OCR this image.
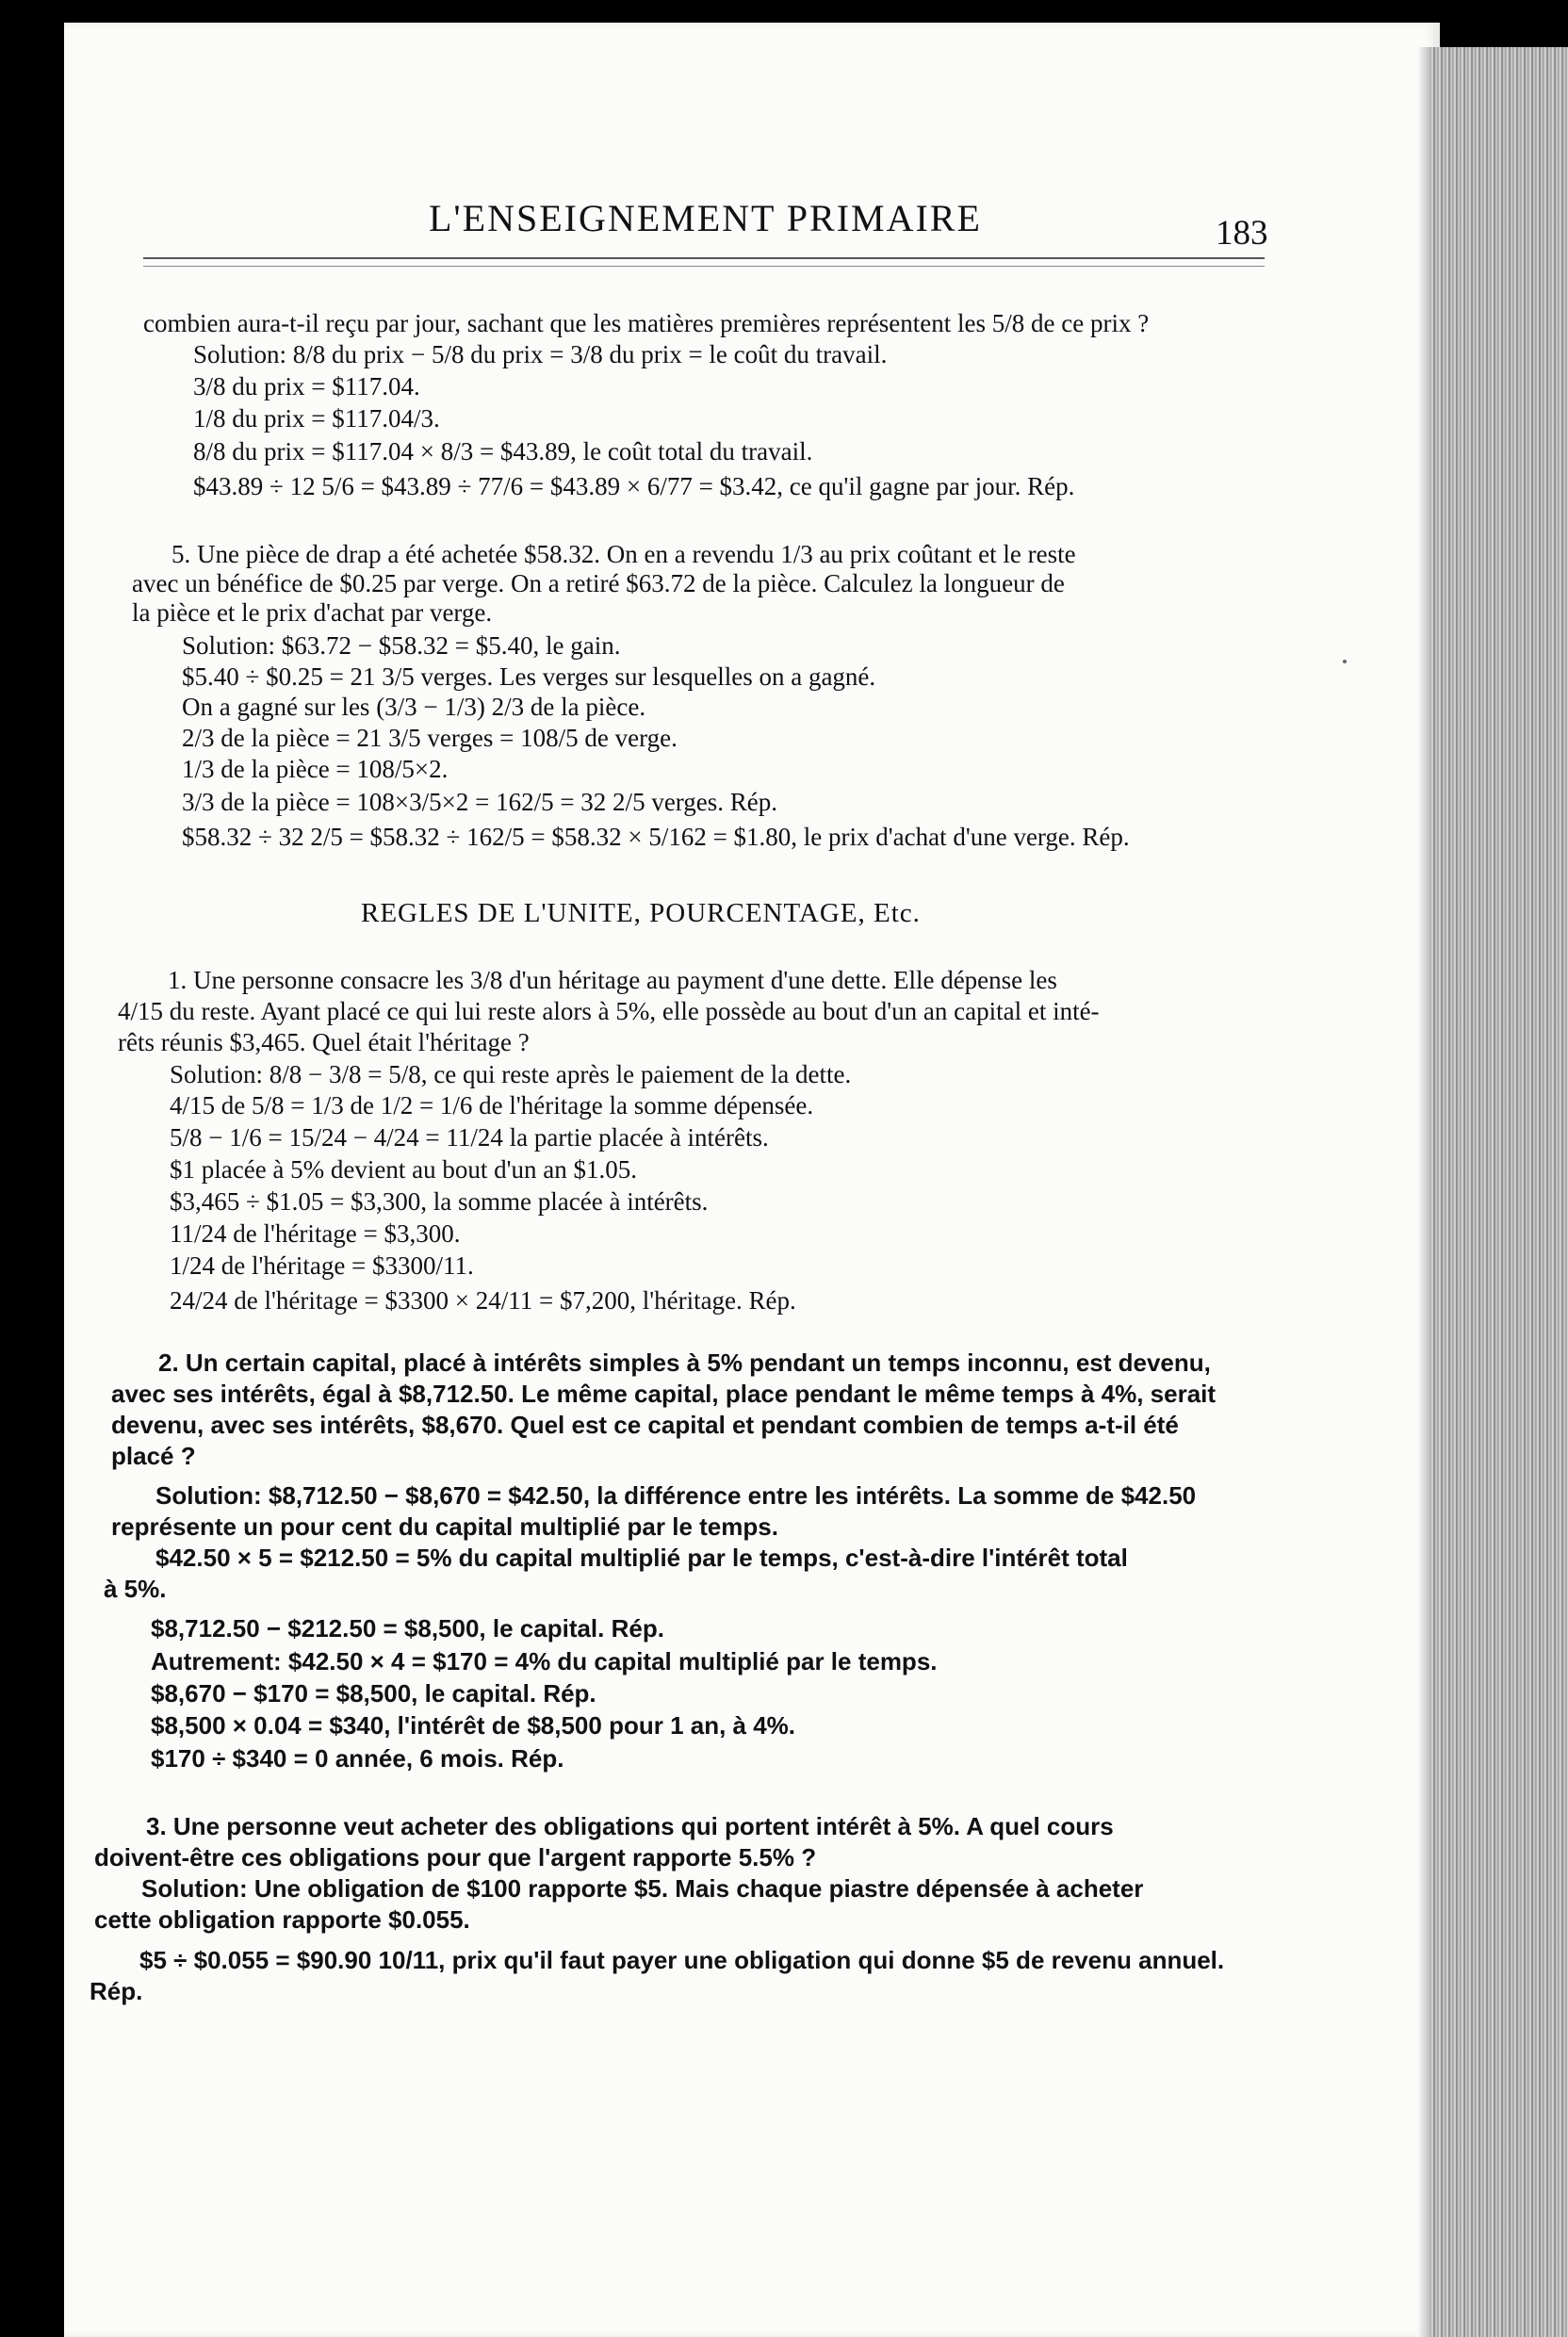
L'ENSEIGNEMENT PRIMAIRE	183
combien aura-t-il reçu par jour, sachant que les matières premières représentent les 5/8 de ce prix ?
Solution: 8/8 du prix − 5/8 du prix = 3/8 du prix = le coût du travail.
3/8 du prix = $117.04.
1/8 du prix = $117.04/3.
8/8 du prix = $117.04 × 8/3 = $43.89, le coût total du travail.
$43.89 ÷ 12 5/6 = $43.89 ÷ 77/6 = $43.89 × 6/77 = $3.42, ce qu'il gagne par jour. Rép.
5. Une pièce de drap a été achetée $58.32. On en a revendu 1/3 au prix coûtant et le reste
avec un bénéfice de $0.25 par verge. On a retiré $63.72 de la pièce. Calculez la longueur de
la pièce et le prix d'achat par verge.
Solution: $63.72 − $58.32 = $5.40, le gain.
$5.40 ÷ $0.25 = 21 3/5 verges. Les verges sur lesquelles on a gagné.
On a gagné sur les (3/3 − 1/3) 2/3 de la pièce.
2/3 de la pièce = 21 3/5 verges = 108/5 de verge.
1/3 de la pièce = 108/5×2.
3/3 de la pièce = 108×3/5×2 = 162/5 = 32 2/5 verges. Rép.
$58.32 ÷ 32 2/5 = $58.32 ÷ 162/5 = $58.32 × 5/162 = $1.80, le prix d'achat d'une verge. Rép.
REGLES DE L'UNITE, POURCENTAGE, Etc.
1. Une personne consacre les 3/8 d'un héritage au payment d'une dette. Elle dépense les
4/15 du reste. Ayant placé ce qui lui reste alors à 5%, elle possède au bout d'un an capital et inté-
rêts réunis $3,465. Quel était l'héritage ?
Solution: 8/8 − 3/8 = 5/8, ce qui reste après le paiement de la dette.
4/15 de 5/8 = 1/3 de 1/2 = 1/6 de l'héritage la somme dépensée.
5/8 − 1/6 = 15/24 − 4/24 = 11/24 la partie placée à intérêts.
$1 placée à 5% devient au bout d'un an $1.05.
$3,465 ÷ $1.05 = $3,300, la somme placée à intérêts.
11/24 de l'héritage = $3,300.
1/24 de l'héritage = $3300/11.
24/24 de l'héritage = $3300 × 24/11 = $7,200, l'héritage. Rép.
2. Un certain capital, placé à intérêts simples à 5% pendant un temps inconnu, est devenu,
avec ses intérêts, égal à $8,712.50. Le même capital, place pendant le même temps à 4%, serait
devenu, avec ses intérêts, $8,670. Quel est ce capital et pendant combien de temps a-t-il été
placé ?
Solution: $8,712.50 − $8,670 = $42.50, la différence entre les intérêts. La somme de $42.50
représente un pour cent du capital multiplié par le temps.
$42.50 × 5 = $212.50 = 5% du capital multiplié par le temps, c'est-à-dire l'intérêt total
à 5%.
$8,712.50 − $212.50 = $8,500, le capital. Rép.
Autrement: $42.50 × 4 = $170 = 4% du capital multiplié par le temps.
$8,670 − $170 = $8,500, le capital. Rép.
$8,500 × 0.04 = $340, l'intérêt de $8,500 pour 1 an, à 4%.
$170 ÷ $340 = 0 année, 6 mois. Rép.
3. Une personne veut acheter des obligations qui portent intérêt à 5%. A quel cours
doivent-être ces obligations pour que l'argent rapporte 5.5% ?
Solution: Une obligation de $100 rapporte $5. Mais chaque piastre dépensée à acheter
cette obligation rapporte $0.055.
$5 ÷ $0.055 = $90.90 10/11, prix qu'il faut payer une obligation qui donne $5 de revenu annuel.
Rép.
